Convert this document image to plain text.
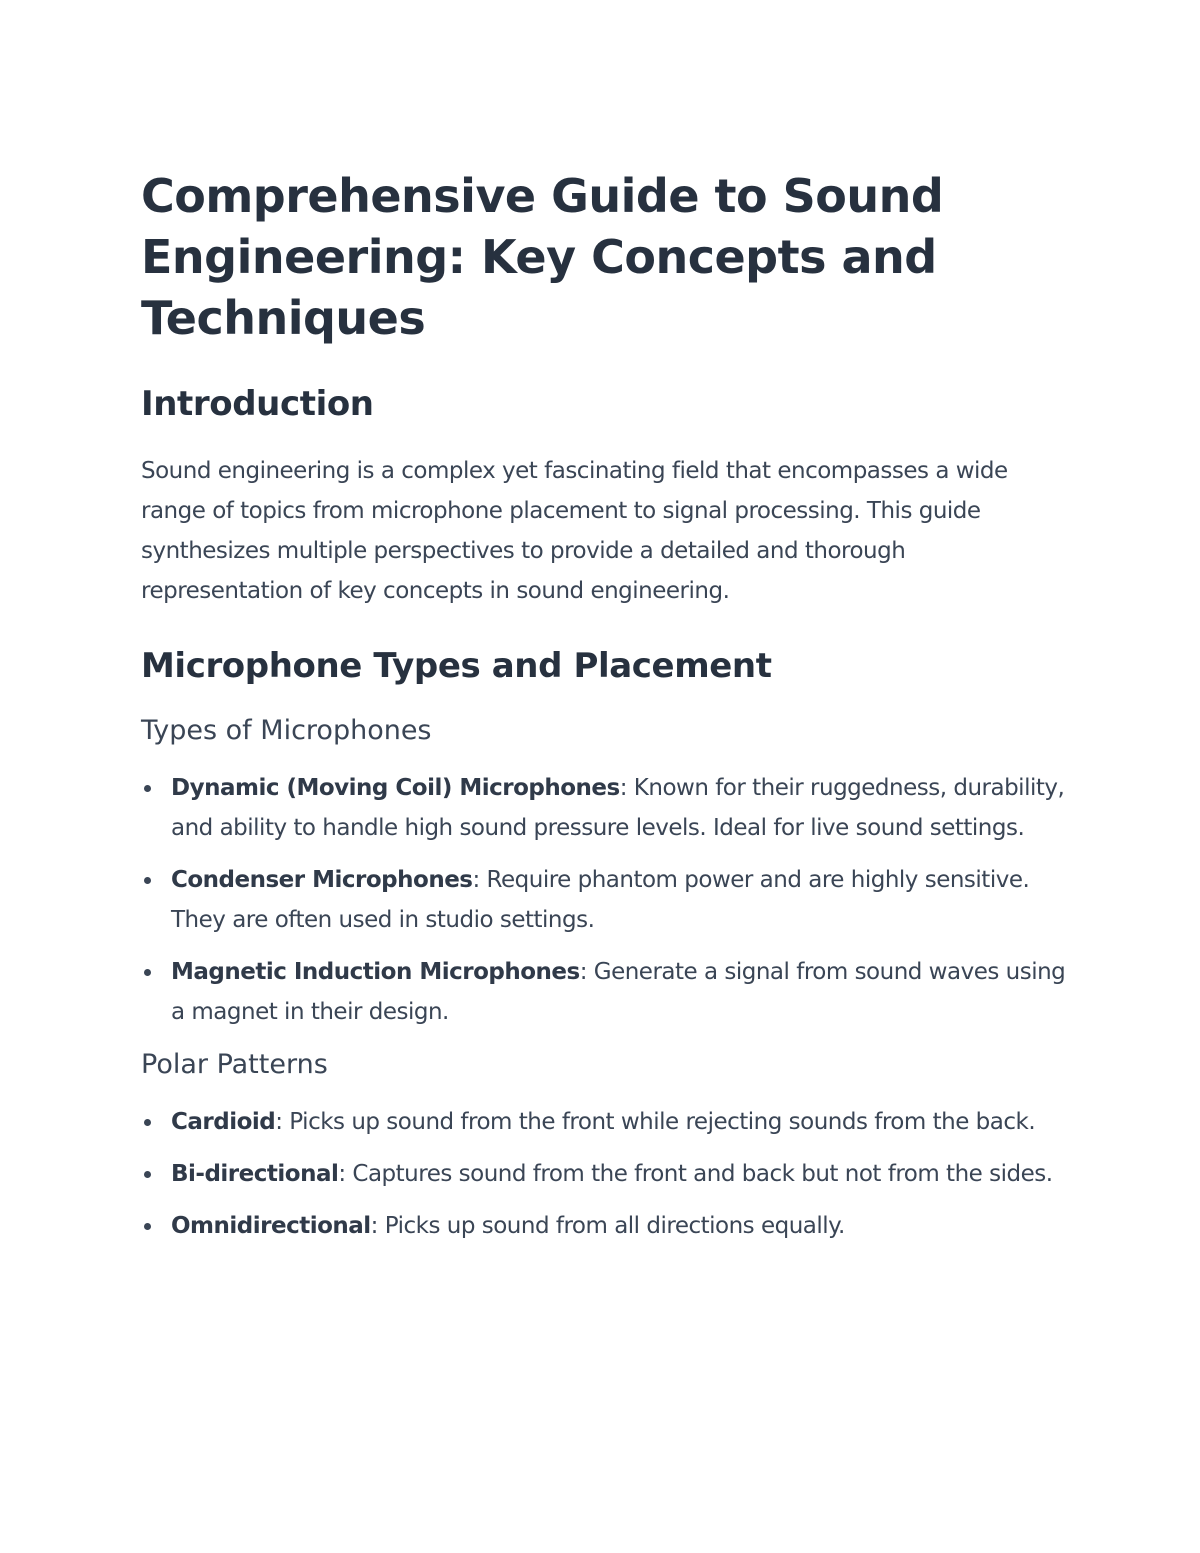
Comprehensive Guide to Sound Engineering: Key Concepts and Techniques
Introduction

Sound engineering is a complex yet fascinating field that encompasses a wide range of topics from microphone placement to signal processing. This guide synthesizes multiple perspectives to provide a detailed and thorough representation of key concepts in sound engineering.

Microphone Types and Placement
Types of Microphones
Dynamic (Moving Coil) Microphones: Known for their ruggedness, durability, and ability to handle high sound pressure levels. Ideal for live sound settings.
Condenser Microphones: Require phantom power and are highly sensitive. They are often used in studio settings.
Magnetic Induction Microphones: Generate a signal from sound waves using a magnet in their design.
Polar Patterns
Cardioid: Picks up sound from the front while rejecting sounds from the back.
Bi-directional: Captures sound from the front and back but not from the sides.
Omnidirectional: Picks up sound from all directions equally.
